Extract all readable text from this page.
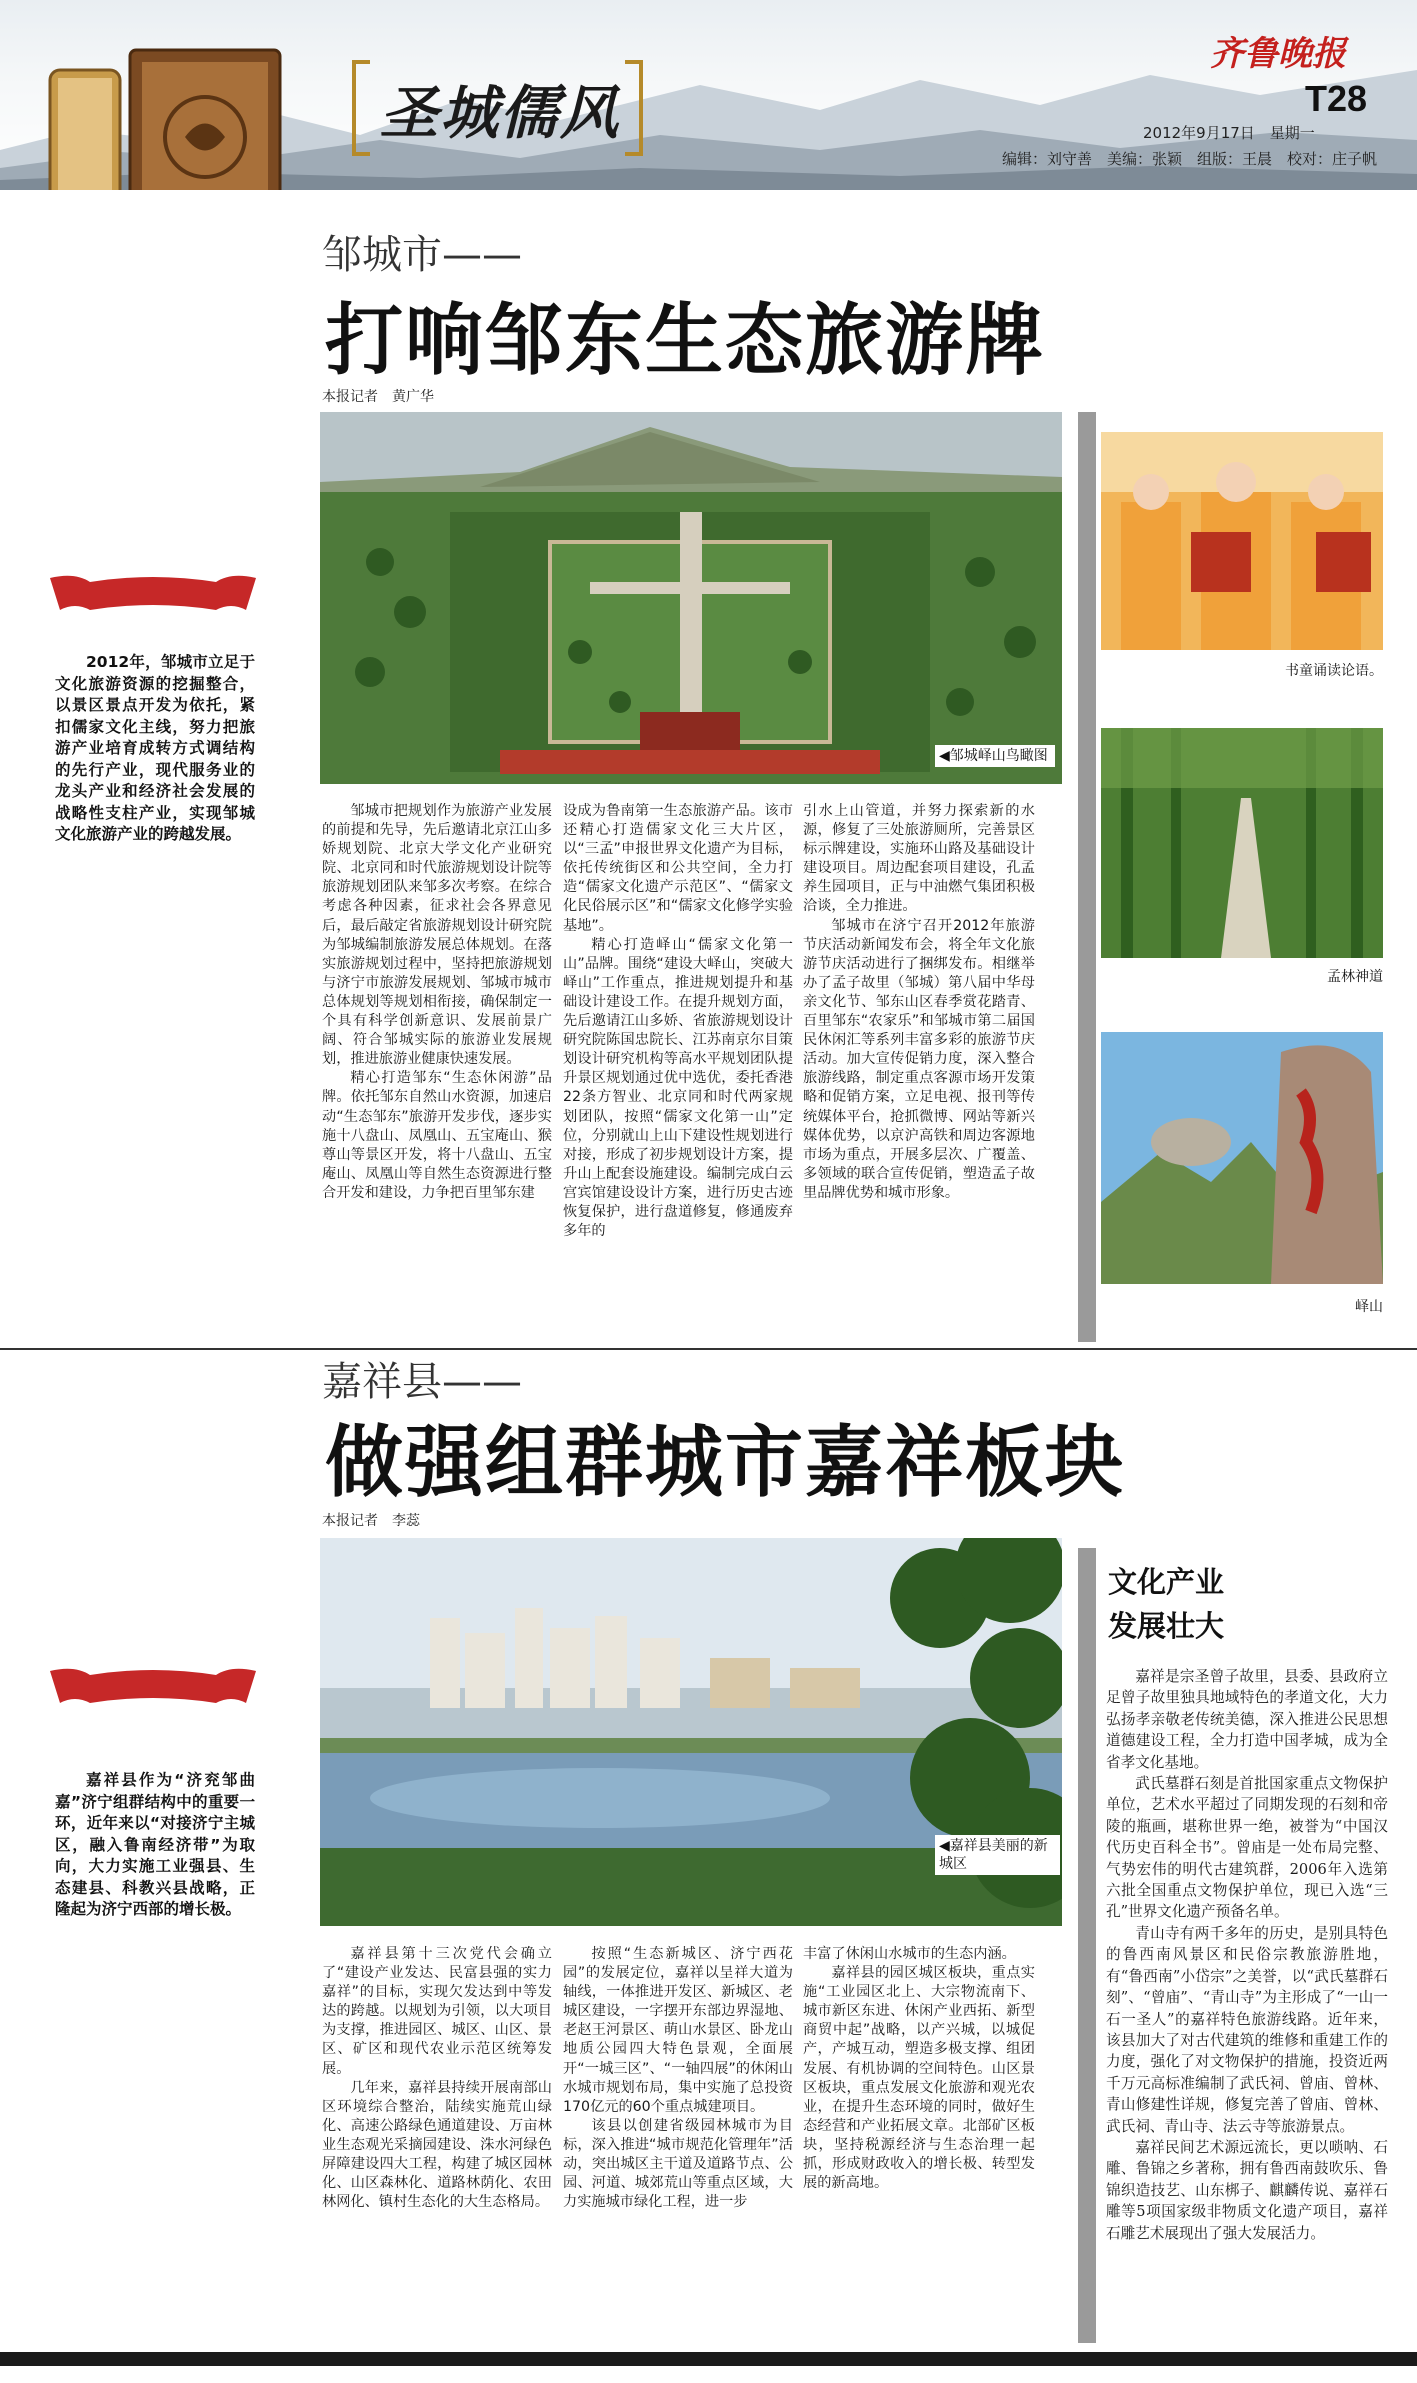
圣城儒风
齐鲁晚报
T28
2012年9月17日　星期一
编辑：刘守善　美编：张颖　组版：王晨　校对：庄子帆
邹城市——
打响邹东生态旅游牌
本报记者　黄广华
2012年，邹城市立足于文化旅游资源的挖掘整合，以景区景点开发为依托，紧扣儒家文化主线，努力把旅游产业培育成转方式调结构的先行产业，现代服务业的龙头产业和经济社会发展的战略性支柱产业，实现邹城文化旅游产业的跨越发展。
◀邹城峄山鸟瞰图
书童诵读论语。
孟林神道
峄山

邹城市把规划作为旅游产业发展的前提和先导，先后邀请北京江山多娇规划院、北京大学文化产业研究院、北京同和时代旅游规划设计院等旅游规划团队来邹多次考察。在综合考虑各种因素，征求社会各界意见后，最后敲定省旅游规划设计研究院为邹城编制旅游发展总体规划。在落实旅游规划过程中，坚持把旅游规划与济宁市旅游发展规划、邹城市城市总体规划等规划相衔接，确保制定一个具有科学创新意识、发展前景广阔、符合邹城实际的旅游业发展规划，推进旅游业健康快速发展。

精心打造邹东“生态休闲游”品牌。依托邹东自然山水资源，加速启动“生态邹东”旅游开发步伐，逐步实施十八盘山、凤凰山、五宝庵山、猴尊山等景区开发，将十八盘山、五宝庵山、凤凰山等自然生态资源进行整合开发和建设，力争把百里邹东建

设成为鲁南第一生态旅游产品。该市还精心打造儒家文化三大片区，以“三孟”申报世界文化遗产为目标，依托传统街区和公共空间，全力打造“儒家文化遗产示范区”、“儒家文化民俗展示区”和“儒家文化修学实验基地”。

精心打造峄山“儒家文化第一山”品牌。围绕“建设大峄山，突破大峄山”工作重点，推进规划提升和基础设计建设工作。在提升规划方面，先后邀请江山多娇、省旅游规划设计研究院陈国忠院长、江苏南京尔目策划设计研究机构等高水平规划团队提升景区规划通过优中选优，委托香港22条方智业、北京同和时代两家规划团队，按照“儒家文化第一山”定位，分别就山上山下建设性规划进行对接，形成了初步规划设计方案，提升山上配套设施建设。编制完成白云宫宾馆建设设计方案，进行历史古迹恢复保护，进行盘道修复，修通废弃多年的

引水上山管道，并努力探索新的水源，修复了三处旅游厕所，完善景区标示牌建设，实施环山路及基础设计建设项目。周边配套项目建设，孔孟养生园项目，正与中油燃气集团积极洽谈，全力推进。

邹城市在济宁召开2012年旅游节庆活动新闻发布会，将全年文化旅游节庆活动进行了捆绑发布。相继举办了孟子故里（邹城）第八届中华母亲文化节、邹东山区春季赏花踏青、百里邹东“农家乐”和邹城市第二届国民休闲汇等系列丰富多彩的旅游节庆活动。加大宣传促销力度，深入整合旅游线路，制定重点客源市场开发策略和促销方案，立足电视、报刊等传统媒体平台，抢抓微博、网站等新兴媒体优势，以京沪高铁和周边客源地市场为重点，开展多层次、广覆盖、多领域的联合宣传促销，塑造孟子故里品牌优势和城市形象。

嘉祥县——
做强组群城市嘉祥板块
本报记者　李蕊
嘉祥县作为“济兖邹曲嘉”济宁组群结构中的重要一环，近年来以“对接济宁主城区，融入鲁南经济带”为取向，大力实施工业强县、生态建县、科教兴县战略，正隆起为济宁西部的增长极。
◀嘉祥县美丽的新城区

嘉祥县第十三次党代会确立了“建设产业发达、民富县强的实力嘉祥”的目标，实现欠发达到中等发达的跨越。以规划为引领，以大项目为支撑，推进园区、城区、山区、景区、矿区和现代农业示范区统筹发展。

几年来，嘉祥县持续开展南部山区环境综合整治，陆续实施荒山绿化、高速公路绿色通道建设、万亩林业生态观光采摘园建设、洙水河绿色屏障建设四大工程，构建了城区园林化、山区森林化、道路林荫化、农田林网化、镇村生态化的大生态格局。

按照“生态新城区、济宁西花园”的发展定位，嘉祥以呈祥大道为轴线，一体推进开发区、新城区、老城区建设，一字摆开东部边界湿地、老赵王河景区、萌山水景区、卧龙山地质公园四大特色景观，全面展开“一城三区”、“一轴四展”的休闲山水城市规划布局，集中实施了总投资170亿元的60个重点城建项目。

该县以创建省级园林城市为目标，深入推进“城市规范化管理年”活动，突出城区主干道及道路节点、公园、河道、城郊荒山等重点区域，大力实施城市绿化工程，进一步

丰富了休闲山水城市的生态内涵。

嘉祥县的园区城区板块，重点实施“工业园区北上、大宗物流南下、城市新区东进、休闲产业西拓、新型商贸中起”战略，以产兴城，以城促产，产城互动，塑造多极支撑、组团发展、有机协调的空间特色。山区景区板块，重点发展文化旅游和观光农业，在提升生态环境的同时，做好生态经营和产业拓展文章。北部矿区板块，坚持税源经济与生态治理一起抓，形成财政收入的增长极、转型发展的新高地。

文化产业
发展壮大

嘉祥是宗圣曾子故里，县委、县政府立足曾子故里独具地域特色的孝道文化，大力弘扬孝亲敬老传统美德，深入推进公民思想道德建设工程，全力打造中国孝城，成为全省孝文化基地。

武氏墓群石刻是首批国家重点文物保护单位，艺术水平超过了同期发现的石刻和帝陵的瓶画，堪称世界一绝，被誉为“中国汉代历史百科全书”。曾庙是一处布局完整、气势宏伟的明代古建筑群，2006年入选第六批全国重点文物保护单位，现已入选“三孔”世界文化遗产预备名单。

青山寺有两千多年的历史，是别具特色的鲁西南风景区和民俗宗教旅游胜地，有“鲁西南”小岱宗”之美誉，以“武氏墓群石刻”、“曾庙”、“青山寺”为主形成了“一山一石一圣人”的嘉祥特色旅游线路。近年来，该县加大了对古代建筑的维修和重建工作的力度，强化了对文物保护的措施，投资近两千万元高标准编制了武氏祠、曾庙、曾林、青山修建性详规，修复完善了曾庙、曾林、武氏祠、青山寺、法云寺等旅游景点。

嘉祥民间艺术源远流长，更以唢呐、石雕、鲁锦之乡著称，拥有鲁西南鼓吹乐、鲁锦织造技艺、山东梆子、麒麟传说、嘉祥石雕等5项国家级非物质文化遗产项目，嘉祥石雕艺术展现出了强大发展活力。
